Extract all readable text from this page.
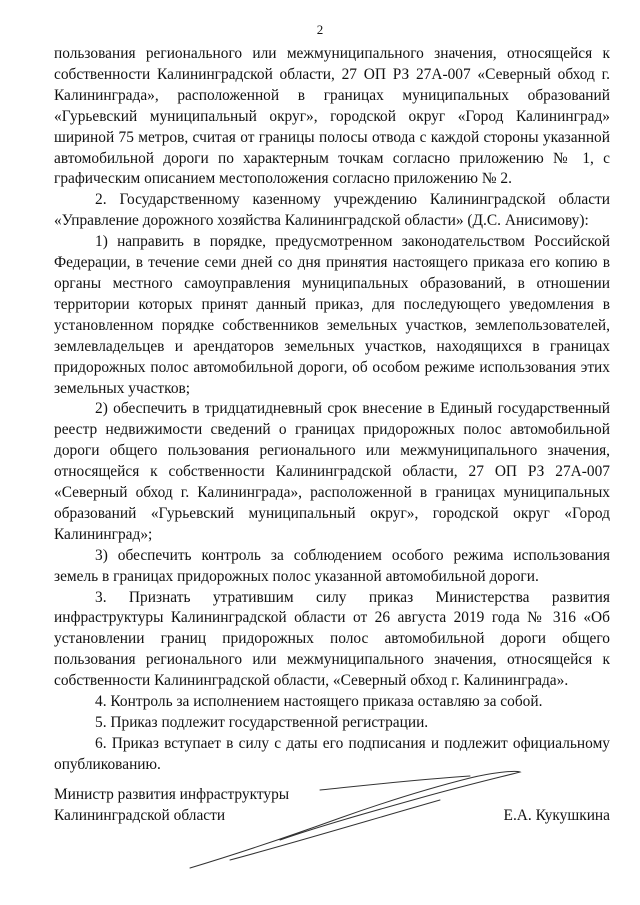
2

пользования регионального или межмуниципального значения, относящейся к собственности Калининградской области, 27 ОП РЗ 27А-007 «Северный обход г. Калининграда», расположенной в границах муниципальных образований «Гурьевский муниципальный округ», городской округ «Город Калининград» шириной 75 метров, считая от границы полосы отвода с каждой стороны указанной автомобильной дороги по характерным точкам согласно приложению № 1, с графическим описанием местоположения согласно приложению № 2.

2. Государственному казенному учреждению Калининградской области «Управление дорожного хозяйства Калининградской области» (Д.С. Анисимову):

1) направить в порядке, предусмотренном законодательством Российской Федерации, в течение семи дней со дня принятия настоящего приказа его копию в органы местного самоуправления муниципальных образований, в отношении территории которых принят данный приказ, для последующего уведомления в установленном порядке собственников земельных участков, землепользователей, землевладельцев и арендаторов земельных участков, находящихся в границах придорожных полос автомобильной дороги, об особом режиме использования этих земельных участков;

2) обеспечить в тридцатидневный срок внесение в Единый государственный реестр недвижимости сведений о границах придорожных полос автомобильной дороги общего пользования регионального или межмуниципального значения, относящейся к собственности Калининградской области, 27 ОП РЗ 27А-007 «Северный обход г. Калининграда», расположенной в границах муниципальных образований «Гурьевский муниципальный округ», городской округ «Город Калининград»;

3) обеспечить контроль за соблюдением особого режима использования земель в границах придорожных полос указанной автомобильной дороги.

3. Признать утратившим силу приказ Министерства развития инфраструктуры Калининградской области от 26 августа 2019 года № 316 «Об установлении границ придорожных полос автомобильной дороги общего пользования регионального или межмуниципального значения, относящейся к собственности Калининградской области, «Северный обход г. Калининграда».

4. Контроль за исполнением настоящего приказа оставляю за собой.

5. Приказ подлежит государственной регистрации.

6. Приказ вступает в силу с даты его подписания и подлежит официальному опубликованию.

Министр развития инфраструктуры
Калининградской области	Е.А. Кукушкина
